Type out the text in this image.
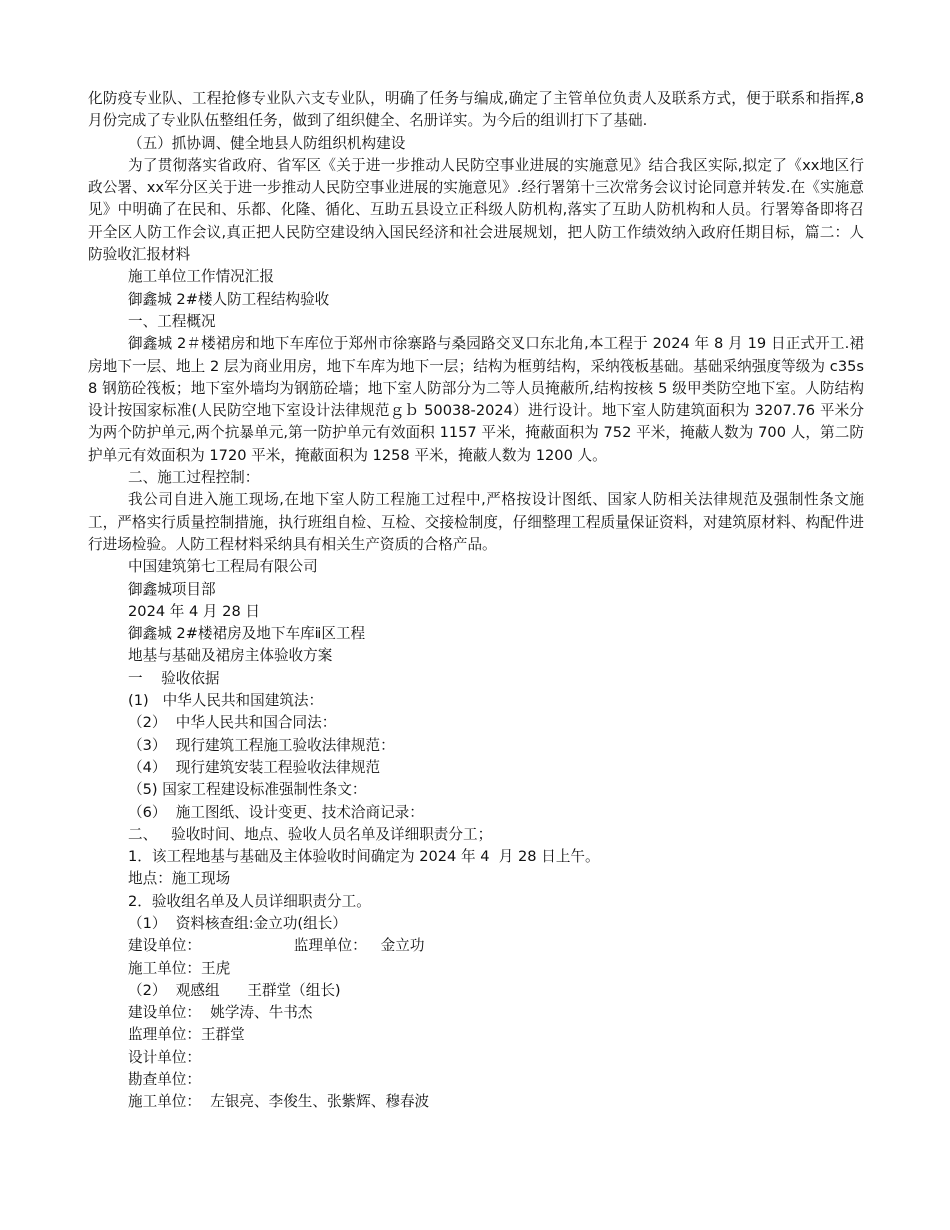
化防疫专业队、工程抢修专业队六支专业队，明确了任务与编成,确定了主管单位负责人及联系方式，便于联系和指挥,8月份完成了专业队伍整组任务，做到了组织健全、名册详实。为今后的组训打下了基础.

（五）抓协调、健全地县人防组织机构建设

为了贯彻落实省政府、省军区《关于进一步推动人民防空事业进展的实施意见》结合我区实际,拟定了《xx地区行政公署、xx军分区关于进一步推动人民防空事业进展的实施意见》.经行署第十三次常务会议讨论同意并转发.在《实施意见》中明确了在民和、乐都、化隆、循化、互助五县设立正科级人防机构,落实了互助人防机构和人员。行署筹备即将召开全区人防工作会议,真正把人民防空建设纳入国民经济和社会进展规划，把人防工作绩效纳入政府任期目标，篇二：人防验收汇报材料

施工单位工作情况汇报

御鑫城 2#楼人防工程结构验收

一、工程概况

御鑫城 2＃楼裙房和地下车库位于郑州市徐寨路与桑园路交叉口东北角,本工程于 2024 年 8 月 19 日正式开工.裙房地下一层、地上 2 层为商业用房，地下车库为地下一层；结构为框剪结构，采纳筏板基础。基础采纳强度等级为 c35s8 钢筋砼筏板；地下室外墙均为钢筋砼墙；地下室人防部分为二等人员掩蔽所,结构按核 5 级甲类防空地下室。人防结构设计按国家标准(人民防空地下室设计法律规范ｇｂ 50038-2024）进行设计。地下室人防建筑面积为 3207.76 平米分为两个防护单元,两个抗暴单元,第一防护单元有效面积 1157 平米，掩蔽面积为 752 平米，掩蔽人数为 700 人，第二防护单元有效面积为 1720 平米，掩蔽面积为 1258 平米，掩蔽人数为 1200 人。

二、施工过程控制：

我公司自进入施工现场,在地下室人防工程施工过程中,严格按设计图纸、国家人防相关法律规范及强制性条文施工，严格实行质量控制措施，执行班组自检、互检、交接检制度，仔细整理工程质量保证资料，对建筑原材料、构配件进行进场检验。人防工程材料采纳具有相关生产资质的合格产品。

中国建筑第七工程局有限公司

御鑫城项目部

2024 年 4 月 28 日

御鑫城 2#楼裙房及地下车库ⅱ区工程

地基与基础及裙房主体验收方案

一    验收依据

(1)   中华人民共和国建筑法：

（2）  中华人民共和国合同法：

（3）  现行建筑工程施工验收法律规范：

（4）  现行建筑安装工程验收法律规范

（5) 国家工程建设标准强制性条文：

（6）  施工图纸、设计变更、技术洽商记录：

二、   验收时间、地点、验收人员名单及详细职责分工；

1．该工程地基与基础及主体验收时间确定为 2024 年 4  月 28 日上午。

地点：施工现场

2．验收组名单及人员详细职责分工。

（1）  资料核查组:金立功(组长）

建设单位：                    监理单位：   金立功

施工单位：王虎

（2）  观感组      王群堂（组长)

建设单位：  姚学涛、牛书杰

监理单位：王群堂

设计单位：

勘查单位：

施工单位：  左银亮、李俊生、张紫辉、穆春波
